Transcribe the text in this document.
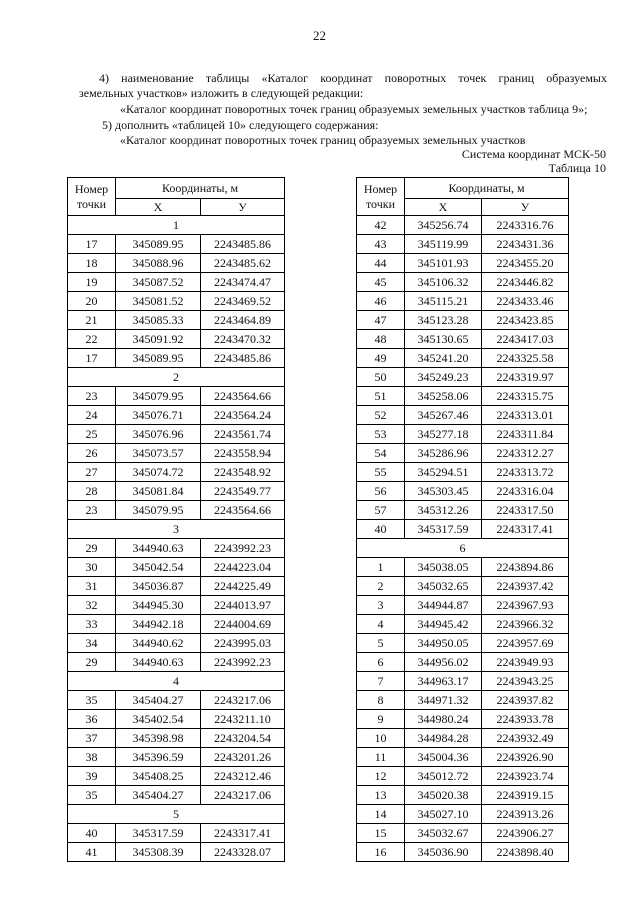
22
4) наименование таблицы «Каталог координат поворотных точек границ образуемых
земельных участков» изложить в следующей редакции:
«Каталог координат поворотных точек границ образуемых земельных участков таблица 9»;
5) дополнить «таблицей 10» следующего содержания:
«Каталог координат поворотных точек границ образуемых земельных участков
Система координат МСК-50
Таблица 10
Номер
точки	Координаты, м	
	X	У
1		
17	345089.95	2243485.86
18	345088.96	2243485.62
19	345087.52	2243474.47
20	345081.52	2243469.52
21	345085.33	2243464.89
22	345091.92	2243470.32
17	345089.95	2243485.86
2		
23	345079.95	2243564.66
24	345076.71	2243564.24
25	345076.96	2243561.74
26	345073.57	2243558.94
27	345074.72	2243548.92
28	345081.84	2243549.77
23	345079.95	2243564.66
3		
29	344940.63	2243992.23
30	345042.54	2244223.04
31	345036.87	2244225.49
32	344945.30	2244013.97
33	344942.18	2244004.69
34	344940.62	2243995.03
29	344940.63	2243992.23
4		
35	345404.27	2243217.06
36	345402.54	2243211.10
37	345398.98	2243204.54
38	345396.59	2243201.26
39	345408.25	2243212.46
35	345404.27	2243217.06
5		
40	345317.59	2243317.41
41	345308.39	2243328.07
Номер
точки	Координаты, м	
	X	У
42	345256.74	2243316.76
43	345119.99	2243431.36
44	345101.93	2243455.20
45	345106.32	2243446.82
46	345115.21	2243433.46
47	345123.28	2243423.85
48	345130.65	2243417.03
49	345241.20	2243325.58
50	345249.23	2243319.97
51	345258.06	2243315.75
52	345267.46	2243313.01
53	345277.18	2243311.84
54	345286.96	2243312.27
55	345294.51	2243313.72
56	345303.45	2243316.04
57	345312.26	2243317.50
40	345317.59	2243317.41
6		
1	345038.05	2243894.86
2	345032.65	2243937.42
3	344944.87	2243967.93
4	344945.42	2243966.32
5	344950.05	2243957.69
6	344956.02	2243949.93
7	344963.17	2243943.25
8	344971.32	2243937.82
9	344980.24	2243933.78
10	344984.28	2243932.49
11	345004.36	2243926.90
12	345012.72	2243923.74
13	345020.38	2243919.15
14	345027.10	2243913.26
15	345032.67	2243906.27
16	345036.90	2243898.40
